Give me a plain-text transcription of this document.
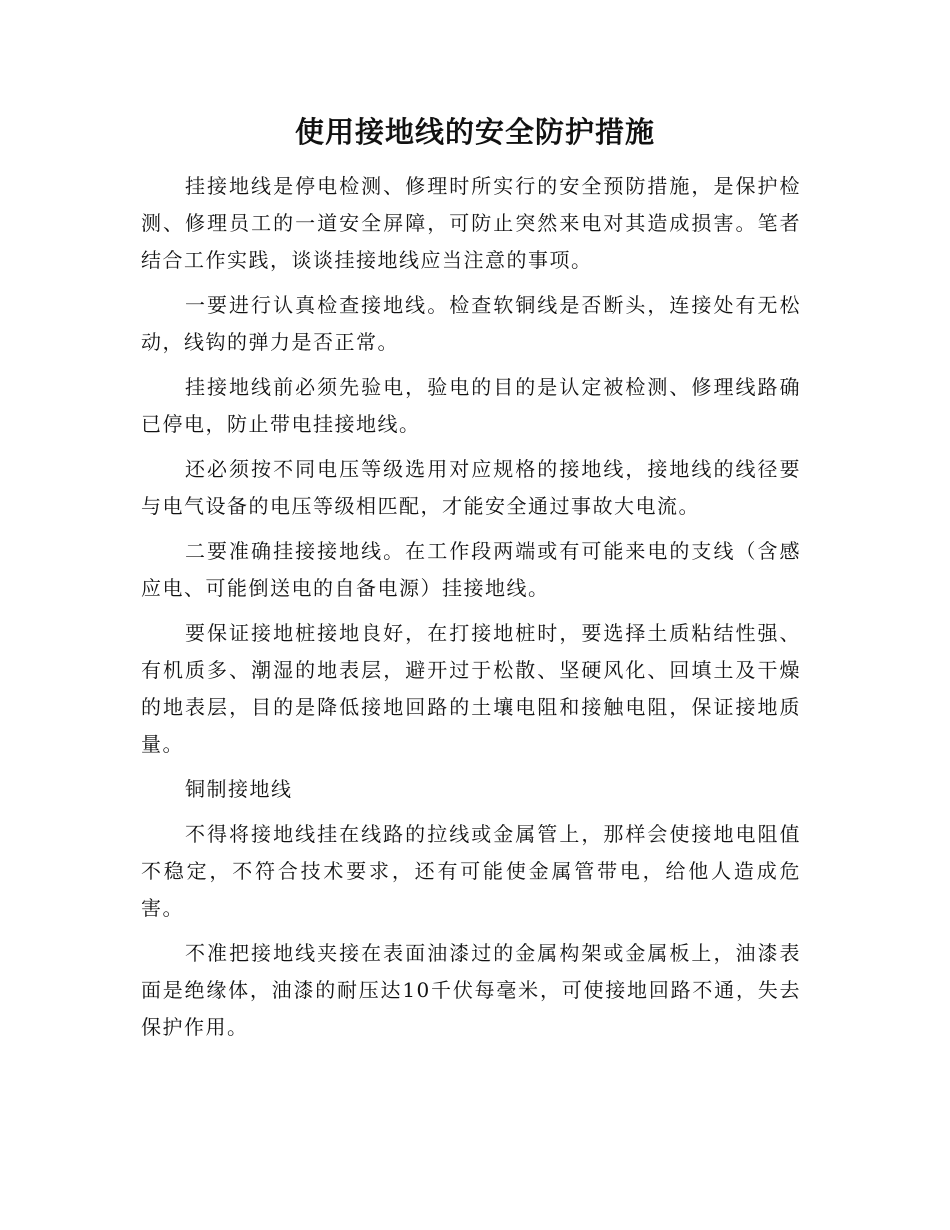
使用接地线的安全防护措施

挂接地线是停电检测、修理时所实行的安全预防措施，是保护检测、修理员工的一道安全屏障，可防止突然来电对其造成损害。笔者结合工作实践，谈谈挂接地线应当注意的事项。

一要进行认真检查接地线。检查软铜线是否断头，连接处有无松动，线钩的弹力是否正常。

挂接地线前必须先验电，验电的目的是认定被检测、修理线路确已停电，防止带电挂接地线。

还必须按不同电压等级选用对应规格的接地线，接地线的线径要与电气设备的电压等级相匹配，才能安全通过事故大电流。

二要准确挂接接地线。在工作段两端或有可能来电的支线（含感应电、可能倒送电的自备电源）挂接地线。

要保证接地桩接地良好，在打接地桩时，要选择土质粘结性强、有机质多、潮湿的地表层，避开过于松散、坚硬风化、回填土及干燥的地表层，目的是降低接地回路的土壤电阻和接触电阻，保证接地质量。

铜制接地线

不得将接地线挂在线路的拉线或金属管上，那样会使接地电阻值不稳定，不符合技术要求，还有可能使金属管带电，给他人造成危害。

不准把接地线夹接在表面油漆过的金属构架或金属板上，油漆表面是绝缘体，油漆的耐压达10千伏每毫米，可使接地回路不通，失去保护作用。
